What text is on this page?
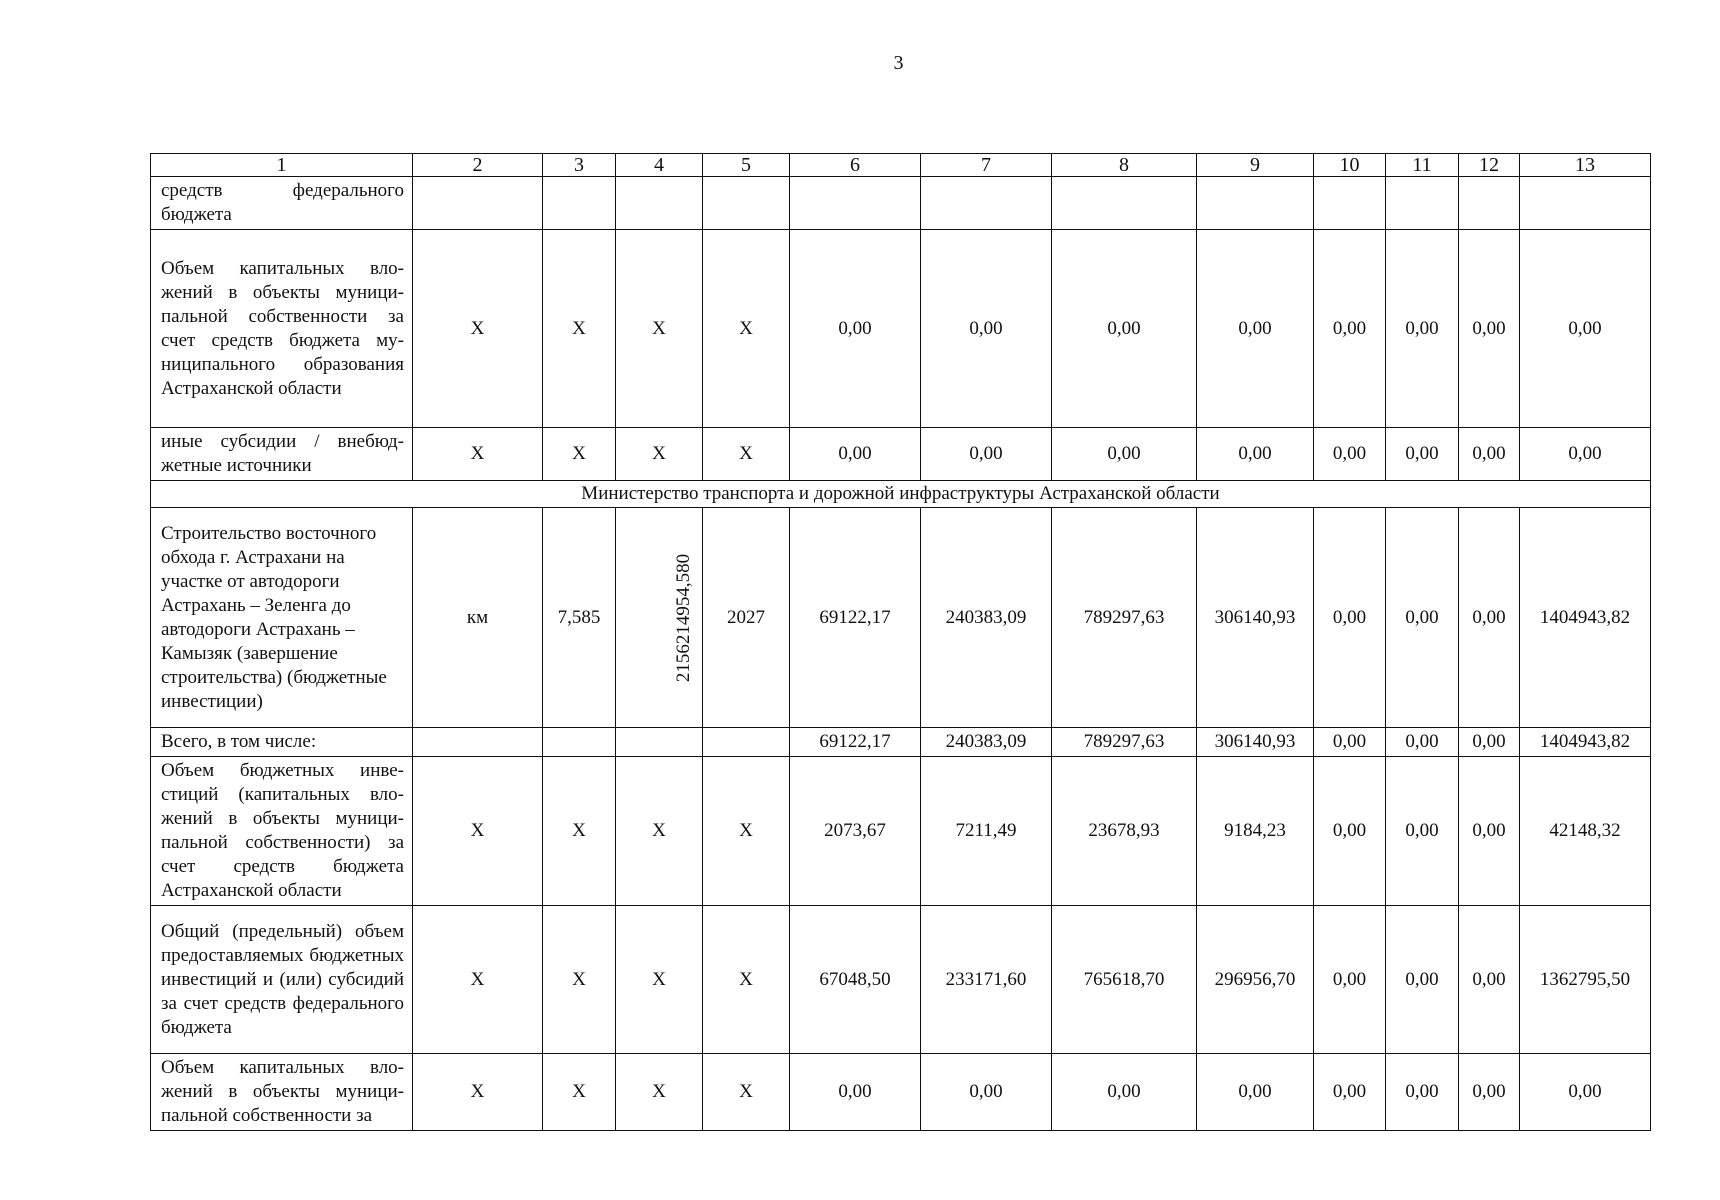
3
1	2	3	4	5	6	7	8	9	10	11	12	13
средств федерального бюджета												
Объем капитальных вложений в объекты муниципальной собственности за счет средств бюджета муниципального образования Астраханской области	Х	Х	Х	Х	0,00	0,00	0,00	0,00	0,00	0,00	0,00	0,00
иные субсидии / внебюджетные источники	Х	Х	Х	Х	0,00	0,00	0,00	0,00	0,00	0,00	0,00	0,00
Министерство транспорта и дорожной инфраструктуры Астраханской области												
Строительство восточного обхода г. Астрахани на участке от автодороги Астрахань – Зеленга до автодороги Астрахань – Камызяк (завершение строительства) (бюджетные инвестиции)	км	7,585	2156214954,580	2027	69122,17	240383,09	789297,63	306140,93	0,00	0,00	0,00	1404943,82
Всего, в том числе:					69122,17	240383,09	789297,63	306140,93	0,00	0,00	0,00	1404943,82
Объем бюджетных инвестиций (капитальных вложений в объекты муниципальной собственности) за счет средств бюджета Астраханской области	Х	Х	Х	Х	2073,67	7211,49	23678,93	9184,23	0,00	0,00	0,00	42148,32
Общий (предельный) объем предоставляемых бюджетных инвестиций и (или) субсидий за счет средств федерального бюджета	Х	Х	Х	Х	67048,50	233171,60	765618,70	296956,70	0,00	0,00	0,00	1362795,50
Объем капитальных вложений в объекты муниципальной собственности за	Х	Х	Х	Х	0,00	0,00	0,00	0,00	0,00	0,00	0,00	0,00
